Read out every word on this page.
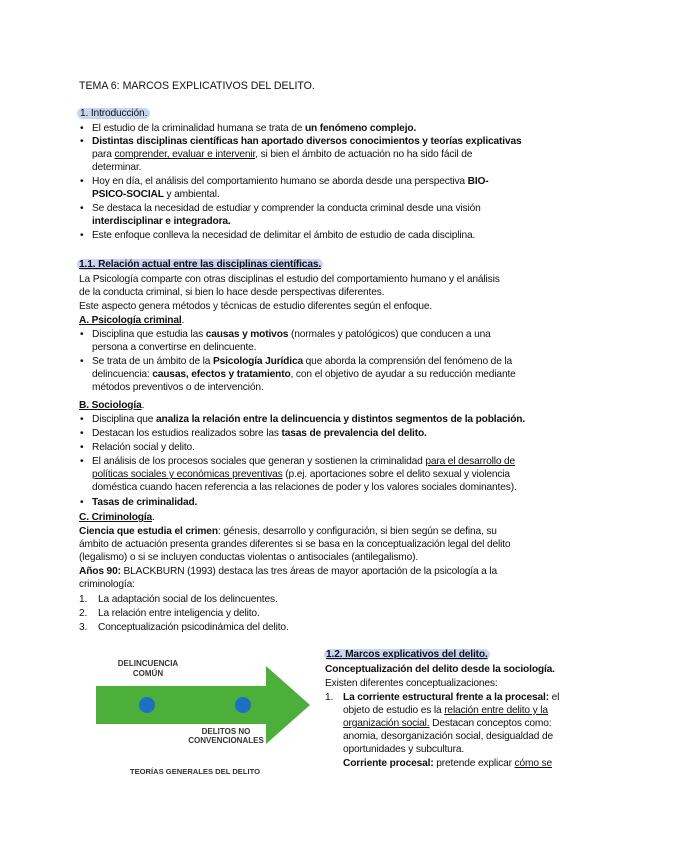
TEMA 6: MARCOS EXPLICATIVOS DEL DELITO.
1. Introducción.
• El estudio de la criminalidad humana se trata de un fenómeno complejo.
• Distintas disciplinas científicas han aportado diversos conocimientos y teorías explicativas
para comprender, evaluar e intervenir, si bien el ámbito de actuación no ha sido fácil de
determinar.
• Hoy en día, el análisis del comportamiento humano se aborda desde una perspectiva BIO-
PSICO-SOCIAL y ambiental.
• Se destaca la necesidad de estudiar y comprender la conducta criminal desde una visión
interdisciplinar e integradora.
• Este enfoque conlleva la necesidad de delimitar el ámbito de estudio de cada disciplina.
1.1. Relación actual entre las disciplinas científicas.
La Psicología comparte con otras disciplinas el estudio del comportamiento humano y el análisis
de la conducta criminal, si bien lo hace desde perspectivas diferentes.
Este aspecto genera métodos y técnicas de estudio diferentes según el enfoque.
A. Psicología criminal.
• Disciplina que estudia las causas y motivos (normales y patológicos) que conducen a una
persona a convertirse en delincuente.
• Se trata de un ámbito de la Psicología Jurídica que aborda la comprensión del fenómeno de la
delincuencia: causas, efectos y tratamiento, con el objetivo de ayudar a su reducción mediante
métodos preventivos o de intervención.
B. Sociología.
• Disciplina que analiza la relación entre la delincuencia y distintos segmentos de la población.
• Destacan los estudios realizados sobre las tasas de prevalencia del delito.
• Relación social y delito.
• El análisis de los procesos sociales que generan y sostienen la criminalidad para el desarrollo de
políticas sociales y económicas preventivas (p.ej. aportaciones sobre el delito sexual y violencia
doméstica cuando hacen referencia a las relaciones de poder y los valores sociales dominantes).
• Tasas de criminalidad.
C. Criminología.
Ciencia que estudia el crimen: génesis, desarrollo y configuración, si bien según se defina, su
ámbito de actuación presenta grandes diferentes si se basa en la conceptualización legal del delito
(legalismo) o si se incluyen conductas violentas o antisociales (antilegalismo).
Años 90: BLACKBURN (1993) destaca las tres áreas de mayor aportación de la psicología a la
criminología:
1. La adaptación social de los delincuentes.
2. La relación entre inteligencia y delito.
3. Conceptualización psicodinámica del delito.
DELINCUENCIA
COMÚN
DELITOS NO
CONVENCIONALES
TEORÍAS GENERALES DEL DELITO
1.2. Marcos explicativos del delito.
Conceptualización del delito desde la sociología.
Existen diferentes conceptualizaciones:
1. La corriente estructural frente a la procesal: el
objeto de estudio es la relación entre delito y la
organización social. Destacan conceptos como:
anomia, desorganización social, desigualdad de
oportunidades y subcultura.
Corriente procesal: pretende explicar cómo se
